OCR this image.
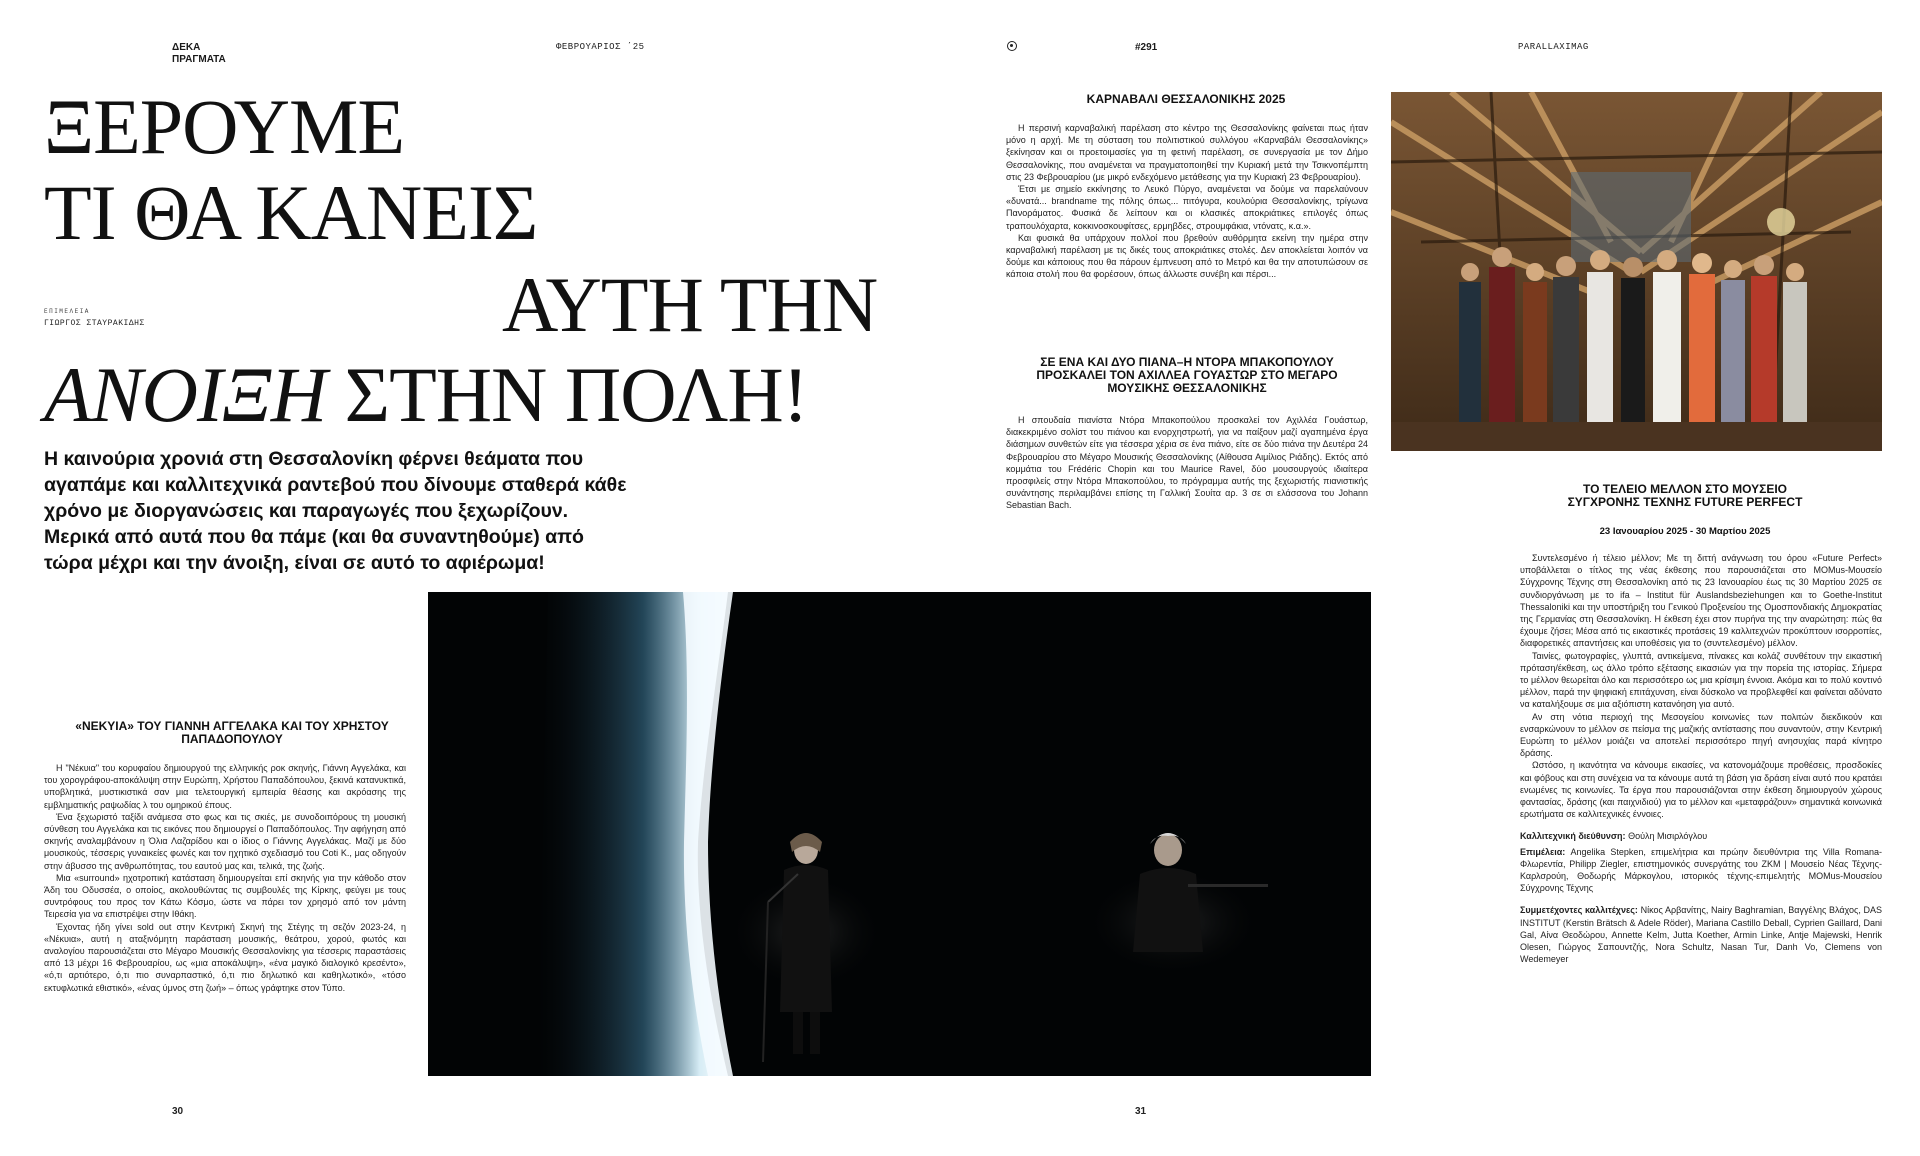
ΔΕΚΑ ΠΡΑΓΜΑΤΑ
ΦΕΒΡΟΥΑΡΙΟΣ ΄25	#291	PARALLAXIMAG
ΞΕΡΟΥΜΕ
ΤΙ ΘΑ ΚΑΝΕΙΣ
ΑΥΤΗ ΤΗΝ
ΑΝΟΙΞΗ ΣΤΗΝ ΠΟΛΗ!
ΕΠΙΜΕΛΕΙΑ
ΓΙΩΡΓΟΣ ΣΤΑΥΡΑΚΙΔΗΣ
Η καινούρια χρονιά στη Θεσσαλονίκη φέρνει θεάματα που αγαπάμε και καλλιτεχνικά ραντεβού που δίνουμε σταθερά κάθε χρόνο με διοργανώσεις και παραγωγές που ξεχωρίζουν. Μερικά από αυτά που θα πάμε (και θα συναντηθούμε) από τώρα μέχρι και την άνοιξη, είναι σε αυτό το αφιέρωμα!
«ΝΕΚΥΙΑ» ΤΟΥ ΓΙΑΝΝΗ ΑΓΓΕΛΑΚΑ ΚΑΙ ΤΟΥ ΧΡΗΣΤΟΥ ΠΑΠΑΔΟΠΟΥΛΟΥ

Η "Νέκυια" του κορυφαίου δημιουργού της ελληνικής ροκ σκηνής, Γιάννη Αγγελάκα, και του χορογράφου-αποκάλυψη στην Ευρώπη, Χρήστου Παπαδόπουλου, ξεκινά κατανυκτικά, υποβλητικά, μυστικιστικά σαν μια τελετουργική εμπειρία θέασης και ακρόασης της εμβληματικής ραψωδίας λ του ομηρικού έπους.

Ένα ξεχωριστό ταξίδι ανάμεσα στο φως και τις σκιές, με συνοδοιπόρους τη μουσική σύνθεση του Αγγελάκα και τις εικόνες που δημιουργεί ο Παπαδόπουλος. Την αφήγηση από σκηνής αναλαμβάνουν η Όλια Λαζαρίδου και ο ίδιος ο Γιάννης Αγγελάκας. Μαζί με δύο μουσικούς, τέσσερις γυναικείες φωνές και τον ηχητικό σχεδιασμό του Coti K., μας οδηγούν στην άβυσσο της ανθρωπότητας, του εαυτού μας και, τελικά, της ζωής.

Μια «surround» ηχοτροπική κατάσταση δημιουργείται επί σκηνής για την κάθοδο στον Άδη του Οδυσσέα, ο οποίος, ακολουθώντας τις συμβουλές της Κίρκης, φεύγει με τους συντρόφους του προς τον Κάτω Κόσμο, ώστε να πάρει τον χρησμό από τον μάντη Τειρεσία για να επιστρέψει στην Ιθάκη.

Έχοντας ήδη γίνει sold out στην Κεντρική Σκηνή της Στέγης τη σεζόν 2023-24, η «Νέκυια», αυτή η αταξινόμητη παράσταση μουσικής, θεάτρου, χορού, φωτός και αναλογίου παρουσιάζεται στο Μέγαρο Μουσικής Θεσσαλονίκης για τέσσερις παραστάσεις από 13 μέχρι 16 Φεβρουαρίου, ως «μια αποκάλυψη», «ένα μαγικό διαλογικό κρεσέντο», «ό,τι αρτιότερο, ό,τι πιο συναρπαστικό, ό,τι πιο δηλωτικό και καθηλωτικό», «τόσο εκτυφλωτικά εθιστικό», «ένας ύμνος στη ζωή» – όπως γράφτηκε στον Τύπο.

ΚΑΡΝΑΒΑΛΙ ΘΕΣΣΑΛΟΝΙΚΗΣ 2025

Η περσινή καρναβαλική παρέλαση στο κέντρο της Θεσσαλονίκης φαίνεται πως ήταν μόνο η αρχή. Με τη σύσταση του πολιτιστικού συλλόγου «Καρναβάλι Θεσσαλονίκης» ξεκίνησαν και οι προετοιμασίες για τη φετινή παρέλαση, σε συνεργασία με τον Δήμο Θεσσαλονίκης, που αναμένεται να πραγματοποιηθεί την Κυριακή μετά την Τσικνοπέμπτη στις 23 Φεβρουαρίου (με μικρό ενδεχόμενο μετάθεσης για την Κυριακή 23 Φεβρουαρίου).

Έτσι με σημείο εκκίνησης το Λευκό Πύργο, αναμένεται να δούμε να παρελαύνουν «δυνατά... brandname της πόλης όπως... πιτόγυρα, κουλούρια Θεσσαλονίκης, τρίγωνα Πανοράματος. Φυσικά δε λείπουν και οι κλασικές αποκριάτικες επιλογές όπως τραπουλόχαρτα, κοκκινοσκουφίτσες, ερμηβδες, στρουμφάκια, ντόνατς, κ.α.».

Και φυσικά θα υπάρχουν πολλοί που βρεθούν αυθόρμητα εκείνη την ημέρα στην καρναβαλική παρέλαση με τις δικές τους αποκριάτικες στολές. Δεν αποκλείεται λοιπόν να δούμε και κάποιους που θα πάρουν έμπνευση από το Μετρό και θα την αποτυπώσουν σε κάποια στολή που θα φορέσουν, όπως άλλωστε συνέβη και πέρσι...

ΣΕ ΕΝΑ ΚΑΙ ΔΥΟ ΠΙΑΝΑ–Η ΝΤΟΡΑ ΜΠΑΚΟΠΟΥΛΟΥ ΠΡΟΣΚΑΛΕΙ ΤΟΝ ΑΧΙΛΛΕΑ ΓΟΥΑΣΤΩΡ ΣΤΟ ΜΕΓΑΡΟ ΜΟΥΣΙΚΗΣ ΘΕΣΣΑΛΟΝΙΚΗΣ

Η σπουδαία πιανίστα Ντόρα Μπακοπούλου προσκαλεί τον Αχιλλέα Γουάστωρ, διακεκριμένο σολίστ του πιάνου και ενορχηστρωτή, για να παίξουν μαζί αγαπημένα έργα διάσημων συνθετών είτε για τέσσερα χέρια σε ένα πιάνο, είτε σε δύο πιάνα την Δευτέρα 24 Φεβρουαρίου στο Μέγαρο Μουσικής Θεσσαλονίκης (Αίθουσα Αιμίλιος Ριάδης). Εκτός από κομμάτια του Frédéric Chopin και του Maurice Ravel, δύο μουσουργούς ιδιαίτερα προσφιλείς στην Ντόρα Μπακοπούλου, το πρόγραμμα αυτής της ξεχωριστής πιανιστικής συνάντησης περιλαμβάνει επίσης τη Γαλλική Σουίτα αρ. 3 σε σι ελάσσονα του Johann Sebastian Bach.

ΤΟ ΤΕΛΕΙΟ ΜΕΛΛΟΝ ΣΤΟ ΜΟΥΣΕΙΟ ΣΥΓΧΡΟΝΗΣ ΤΕΧΝΗΣ FUTURE PERFECT
23 Ιανουαρίου 2025 - 30 Μαρτίου 2025

Συντελεσμένο ή τέλειο μέλλον; Με τη διττή ανάγνωση του όρου «Future Perfect» υποβάλλεται ο τίτλος της νέας έκθεσης που παρουσιάζεται στο MOMus-Μουσείο Σύγχρονης Τέχνης στη Θεσσαλονίκη από τις 23 Ιανουαρίου έως τις 30 Μαρτίου 2025 σε συνδιοργάνωση με το ifa – Institut für Auslandsbeziehungen και το Goethe-Institut Thessaloniki και την υποστήριξη του Γενικού Προξενείου της Ομοσπονδιακής Δημοκρατίας της Γερμανίας στη Θεσσαλονίκη. Η έκθεση έχει στον πυρήνα της την αναρώτηση: πώς θα έχουμε ζήσει; Μέσα από τις εικαστικές προτάσεις 19 καλλιτεχνών προκύπτουν ισορροπίες, διαφορετικές απαντήσεις και υποθέσεις για το (συντελεσμένο) μέλλον.

Ταινίες, φωτογραφίες, γλυπτά, αντικείμενα, πίνακες και κολάζ συνθέτουν την εικαστική πρόταση/έκθεση, ως άλλο τρόπο εξέτασης εικασιών για την πορεία της ιστορίας. Σήμερα το μέλλον θεωρείται όλο και περισσότερο ως μια κρίσιμη έννοια. Ακόμα και το πολύ κοντινό μέλλον, παρά την ψηφιακή επιτάχυνση, είναι δύσκολο να προβλεφθεί και φαίνεται αδύνατο να καταλήξουμε σε μια αξιόπιστη κατανόηση για αυτό.

Αν στη νότια περιοχή της Μεσογείου κοινωνίες των πολιτών διεκδικούν και ενσαρκώνουν το μέλλον σε πείσμα της μαζικής αντίστασης που συναντούν, στην Κεντρική Ευρώπη το μέλλον μοιάζει να αποτελεί περισσότερο πηγή ανησυχίας παρά κίνητρο δράσης.

Ωστόσο, η ικανότητα να κάνουμε εικασίες, να κατονομάζουμε προθέσεις, προσδοκίες και φόβους και στη συνέχεια να τα κάνουμε αυτά τη βάση για δράση είναι αυτό που κρατάει ενωμένες τις κοινωνίες. Τα έργα που παρουσιάζονται στην έκθεση δημιουργούν χώρους φαντασίας, δράσης (και παιχνιδιού) για το μέλλον και «μεταφράζουν» σημαντικά κοινωνικά ερωτήματα σε καλλιτεχνικές έννοιες.

Καλλιτεχνική διεύθυνση: Θούλη Μισιρλόγλου

Επιμέλεια: Angelika Stepken, επιμελήτρια και πρώην διευθύντρια της Villa Romana-Φλωρεντία, Philipp Ziegler, επιστημονικός συνεργάτης του ZKM | Μουσείο Νέας Τέχνης-Καρλσρούη, Θοδωρής Μάρκογλου, ιστορικός τέχνης-επιμελητής MOMus-Μουσείου Σύγχρονης Τέχνης

Συμμετέχοντες καλλιτέχνες: Νίκος Αρβανίτης, Nairy Baghramian, Βαγγέλης Βλάχος, DAS INSTITUT (Kerstin Brätsch & Adele Röder), Mariana Castillo Deball, Cyprien Gaillard, Dani Gal, Αίνα Θεοδώρου, Annette Kelm, Jutta Koether, Armin Linke, Antje Majewski, Henrik Olesen, Γιώργος Σαπουντζής, Nora Schultz, Nasan Tur, Danh Vo, Clemens von Wedemeyer

30	31
